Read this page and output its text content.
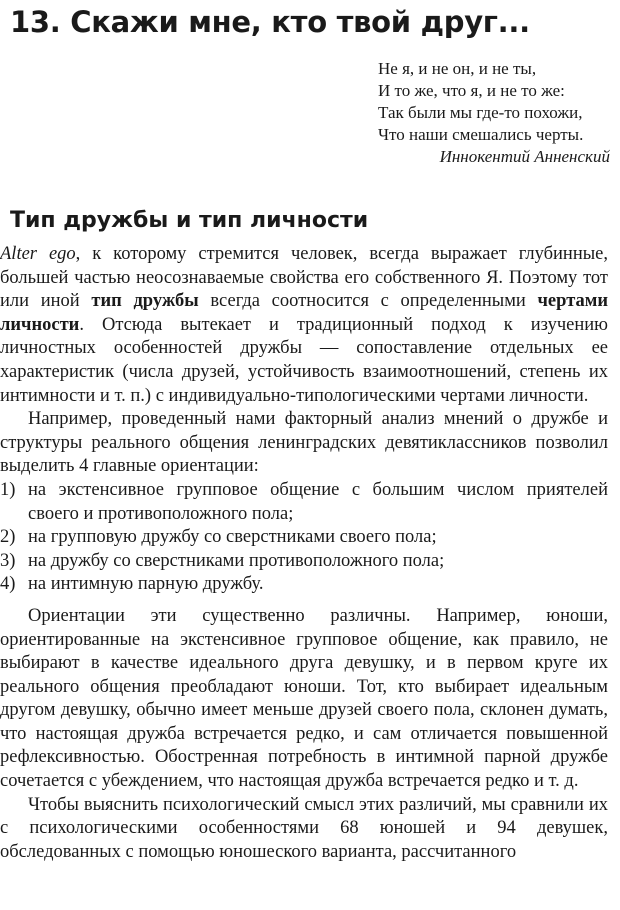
13. Скажи мне, кто твой друг...
Не я, и не он, и не ты,
И то же, что я, и не то же:
Так были мы где-то похожи,
Что наши смешались черты.
Иннокентий Анненский
Тип дружбы и тип личности

Alter ego, к которому стремится человек, всегда выражает глубинные, большей частью неосознаваемые свойства его собственного Я. Поэтому тот или иной тип дружбы всегда соотносится с определенными чертами личности. Отсюда вытекает и традиционный подход к изучению личностных особенностей дружбы — сопоставление отдельных ее характеристик (числа друзей, устойчивость взаимоотношений, степень их интимности и т. п.) с индивидуально-типологическими чертами личности.

Например, проведенный нами факторный анализ мнений о дружбе и структуры реального общения ленинградских девятиклассников позволил выделить 4 главные ориентации:

1) на экстенсивное групповое общение с большим числом приятелей своего и противоположного пола;
2) на групповую дружбу со сверстниками своего пола;
3) на дружбу со сверстниками противоположного пола;
4) на интимную парную дружбу.

Ориентации эти существенно различны. Например, юноши, ориентированные на экстенсивное групповое общение, как правило, не выбирают в качестве идеального друга девушку, и в первом круге их реального общения преобладают юноши. Тот, кто выбирает идеальным другом девушку, обычно имеет меньше друзей своего пола, склонен думать, что настоящая дружба встречается редко, и сам отличается повышенной рефлексивностью. Обостренная потребность в интимной парной дружбе сочетается с убеждением, что настоящая дружба встречается редко и т. д.

Чтобы выяснить психологический смысл этих различий, мы сравнили их с психологическими особенностями 68 юношей и 94 девушек, обследованных с помощью юношеского варианта, рассчитанного
